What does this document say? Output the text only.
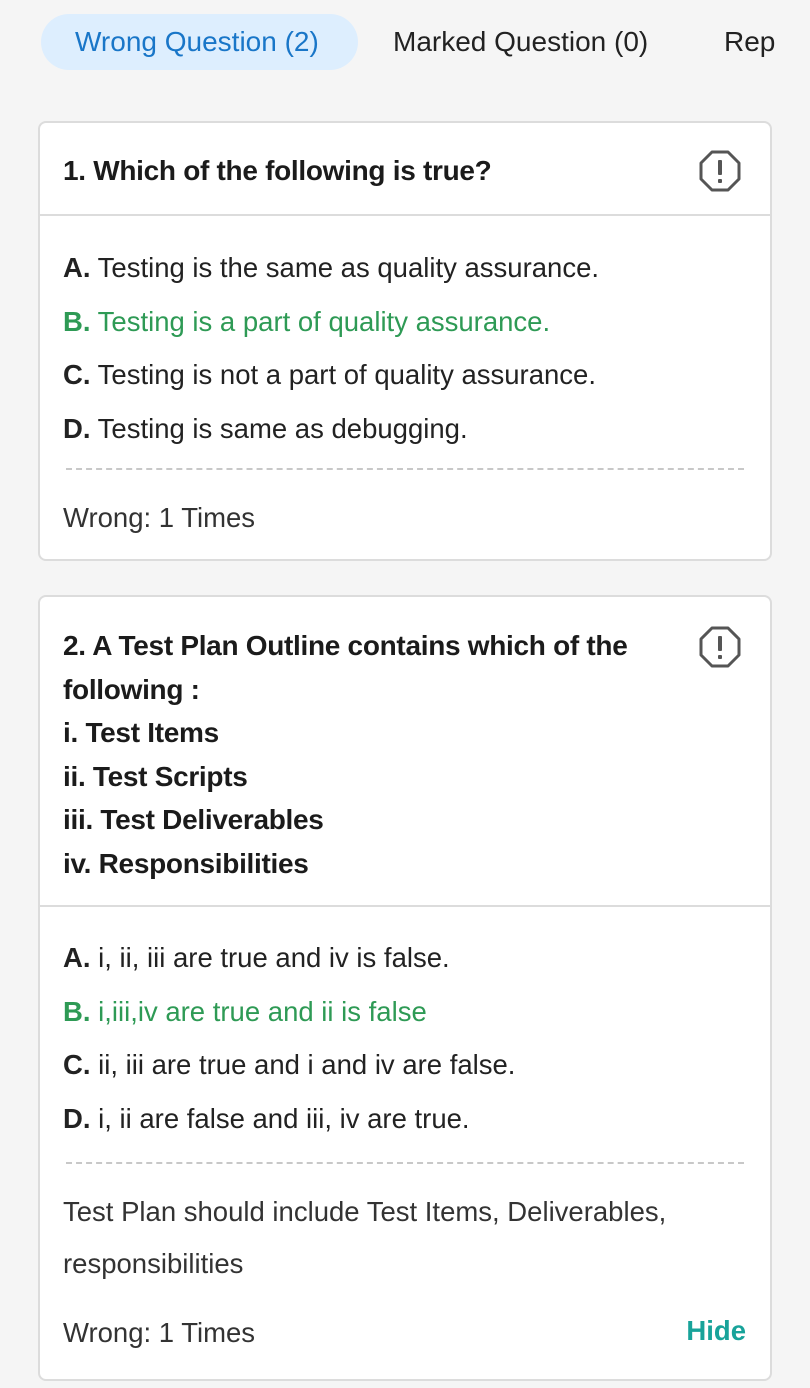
Wrong Question (2)	Marked Question (0)	Rep
1. Which of the following is true?
A. Testing is the same as quality assurance.
B. Testing is a part of quality assurance.
C. Testing is not a part of quality assurance.
D. Testing is same as debugging.
Wrong: 1 Times
2. A Test Plan Outline contains which of the
following :
i. Test Items
ii. Test Scripts
iii. Test Deliverables
iv. Responsibilities
A. i, ii, iii are true and iv is false.
B. i,iii,iv are true and ii is false
C. ii, iii are true and i and iv are false.
D. i, ii are false and iii, iv are true.
Test Plan should include Test Items, Deliverables, responsibilities
Wrong: 1 Times	Hide
